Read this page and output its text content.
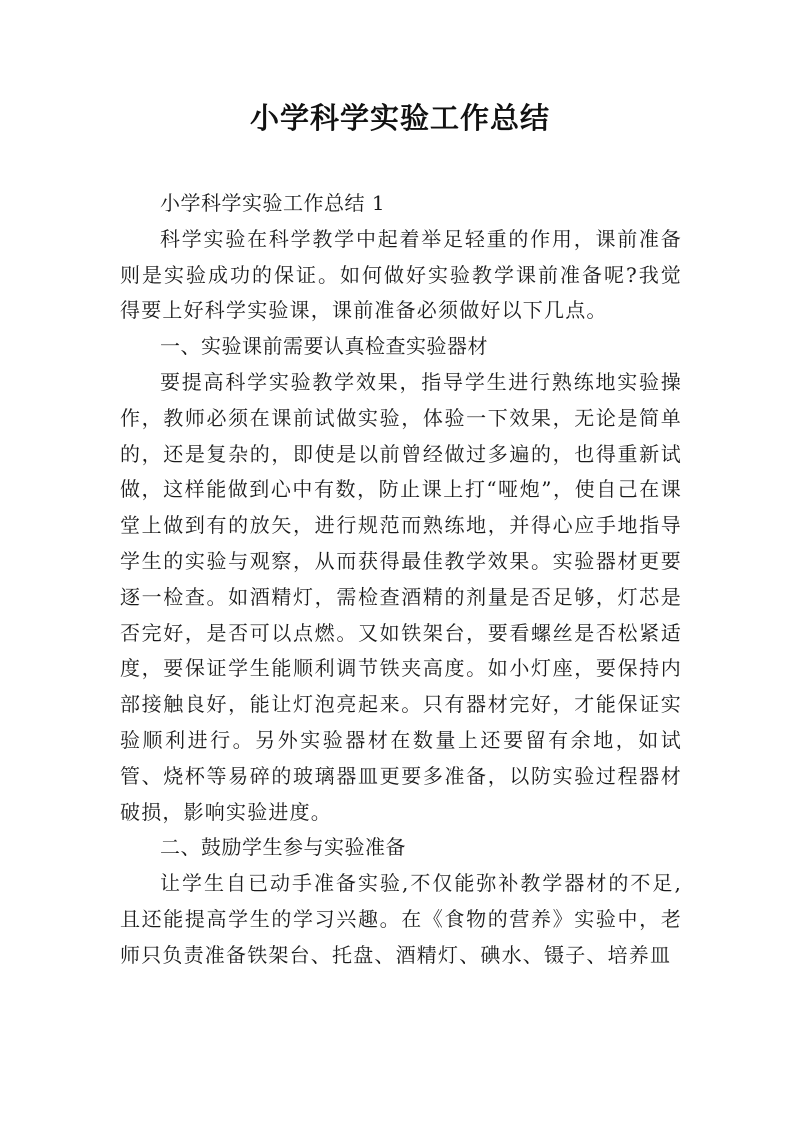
小学科学实验工作总结

小学科学实验工作总结 1

科学实验在科学教学中起着举足轻重的作用，课前准备则是实验成功的保证。如何做好实验教学课前准备呢?我觉得要上好科学实验课，课前准备必须做好以下几点。

一、实验课前需要认真检查实验器材

要提高科学实验教学效果，指导学生进行熟练地实验操作，教师必须在课前试做实验，体验一下效果，无论是简单的，还是复杂的，即使是以前曾经做过多遍的，也得重新试做，这样能做到心中有数，防止课上打“哑炮”，使自己在课堂上做到有的放矢，进行规范而熟练地，并得心应手地指导学生的实验与观察，从而获得最佳教学效果。实验器材更要逐一检查。如酒精灯，需检查酒精的剂量是否足够，灯芯是否完好，是否可以点燃。又如铁架台，要看螺丝是否松紧适度，要保证学生能顺利调节铁夹高度。如小灯座，要保持内部接触良好，能让灯泡亮起来。只有器材完好，才能保证实验顺利进行。另外实验器材在数量上还要留有余地，如试管、烧杯等易碎的玻璃器皿更要多准备，以防实验过程器材破损，影响实验进度。

二、鼓励学生参与实验准备

让学生自已动手准备实验,不仅能弥补教学器材的不足,且还能提高学生的学习兴趣。在《食物的营养》实验中，老师只负责准备铁架台、托盘、酒精灯、碘水、镊子、培养皿
